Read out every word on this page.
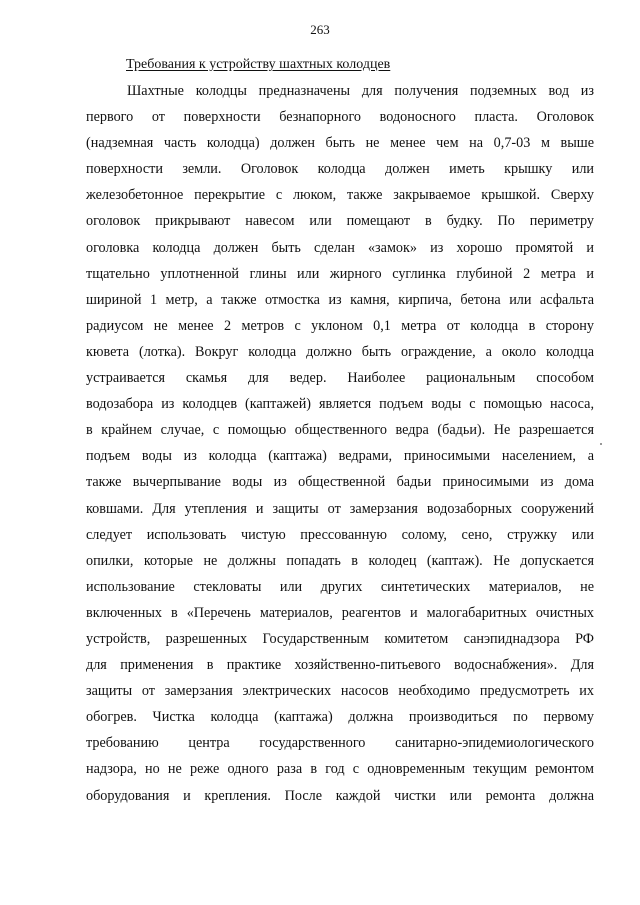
263
Требования к устройству шахтных колодцев
Шахтные колодцы предназначены для получения подземных вод из
первого от поверхности безнапорного водоносного пласта. Оголовок
(надземная часть колодца) должен быть не менее чем на 0,7-03 м выше
поверхности земли. Оголовок колодца должен иметь крышку или
железобетонное перекрытие с люком, также закрываемое крышкой. Сверху
оголовок прикрывают навесом или помещают в будку. По периметру
оголовка колодца должен быть сделан «замок» из хорошо промятой и
тщательно уплотненной глины или жирного суглинка глубиной 2 метра и
шириной 1 метр, а также отмостка из камня, кирпича, бетона или асфальта
радиусом не менее 2 метров с уклоном 0,1 метра от колодца в сторону
кювета (лотка). Вокруг колодца должно быть ограждение, а около колодца
устраивается скамья для ведер. Наиболее рациональным способом
водозабора из колодцев (каптажей) является подъем воды с помощью насоса,
в крайнем случае, с помощью общественного ведра (бадьи). Не разрешается
подъем воды из колодца (каптажа) ведрами, приносимыми населением, а
также вычерпывание воды из общественной бадьи приносимыми из дома
ковшами. Для утепления и защиты от замерзания водозаборных сооружений
следует использовать чистую прессованную солому, сено, стружку или
опилки, которые не должны попадать в колодец (каптаж). Не допускается
использование стекловаты или других синтетических материалов, не
включенных в «Перечень материалов, реагентов и малогабаритных очистных
устройств, разрешенных Государственным комитетом санэпиднадзора РФ
для применения в практике хозяйственно-питьевого водоснабжения». Для
защиты от замерзания электрических насосов необходимо предусмотреть их
обогрев. Чистка колодца (каптажа) должна производиться по первому
требованию центра государственного санитарно-эпидемиологического
надзора, но не реже одного раза в год с одновременным текущим ремонтом
оборудования и крепления. После каждой чистки или ремонта должна
